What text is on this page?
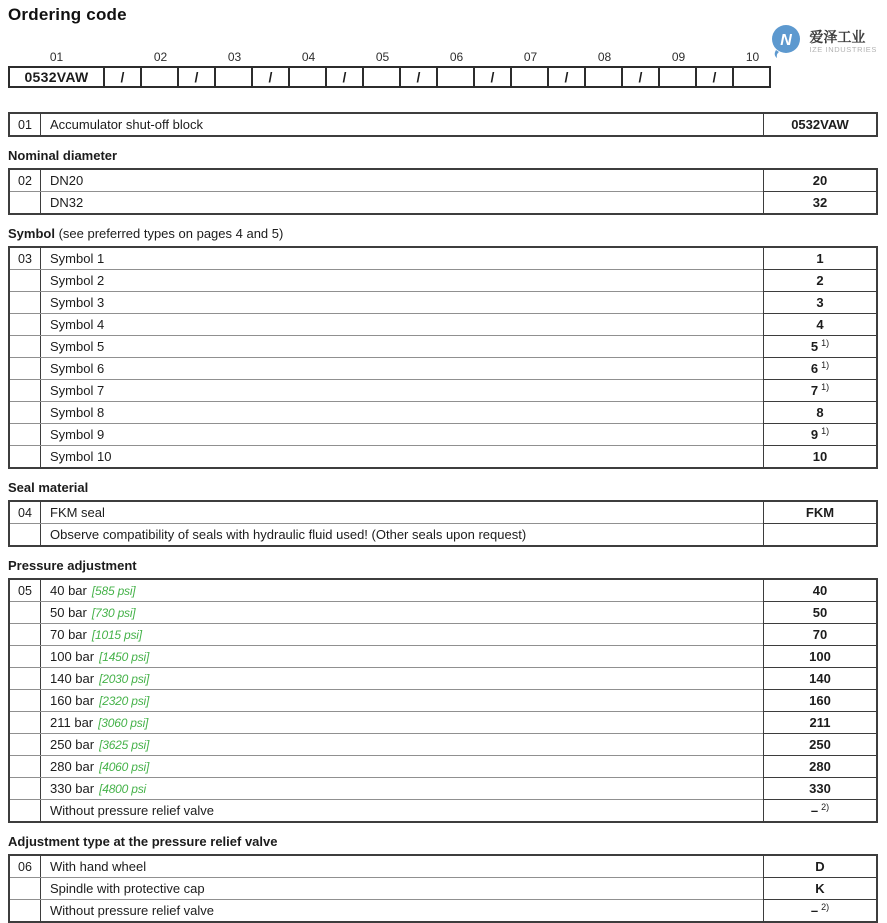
Ordering code
N 爱泽工业
IZE INDUSTRIES
01	02	03	04	05	06	07	08	09	10
0532VAW	/	/	/	/	/	/	/	/	/
01	Accumulator shut-off block	0532VAW
Nominal diameter
02	DN20	20
DN32	32
Symbol (see preferred types on pages 4 and 5)
03	Symbol 1	1
Symbol 2	2
Symbol 3	3
Symbol 4	4
Symbol 5	5 1)
Symbol 6	6 1)
Symbol 7	7 1)
Symbol 8	8
Symbol 9	9 1)
Symbol 10	10
Seal material
04	FKM seal	FKM
Observe compatibility of seals with hydraulic fluid used! (Other seals upon request)
Pressure adjustment
05	40 bar [585 psi]	40
50 bar [730 psi]	50
70 bar [1015 psi]	70
100 bar [1450 psi]	100
140 bar [2030 psi]	140
160 bar [2320 psi]	160
211 bar [3060 psi]	211
250 bar [3625 psi]	250
280 bar [4060 psi]	280
330 bar [4800 psi	330
Without pressure relief valve	– 2)
Adjustment type at the pressure relief valve
06	With hand wheel	D
Spindle with protective cap	K
Without pressure relief valve	– 2)
